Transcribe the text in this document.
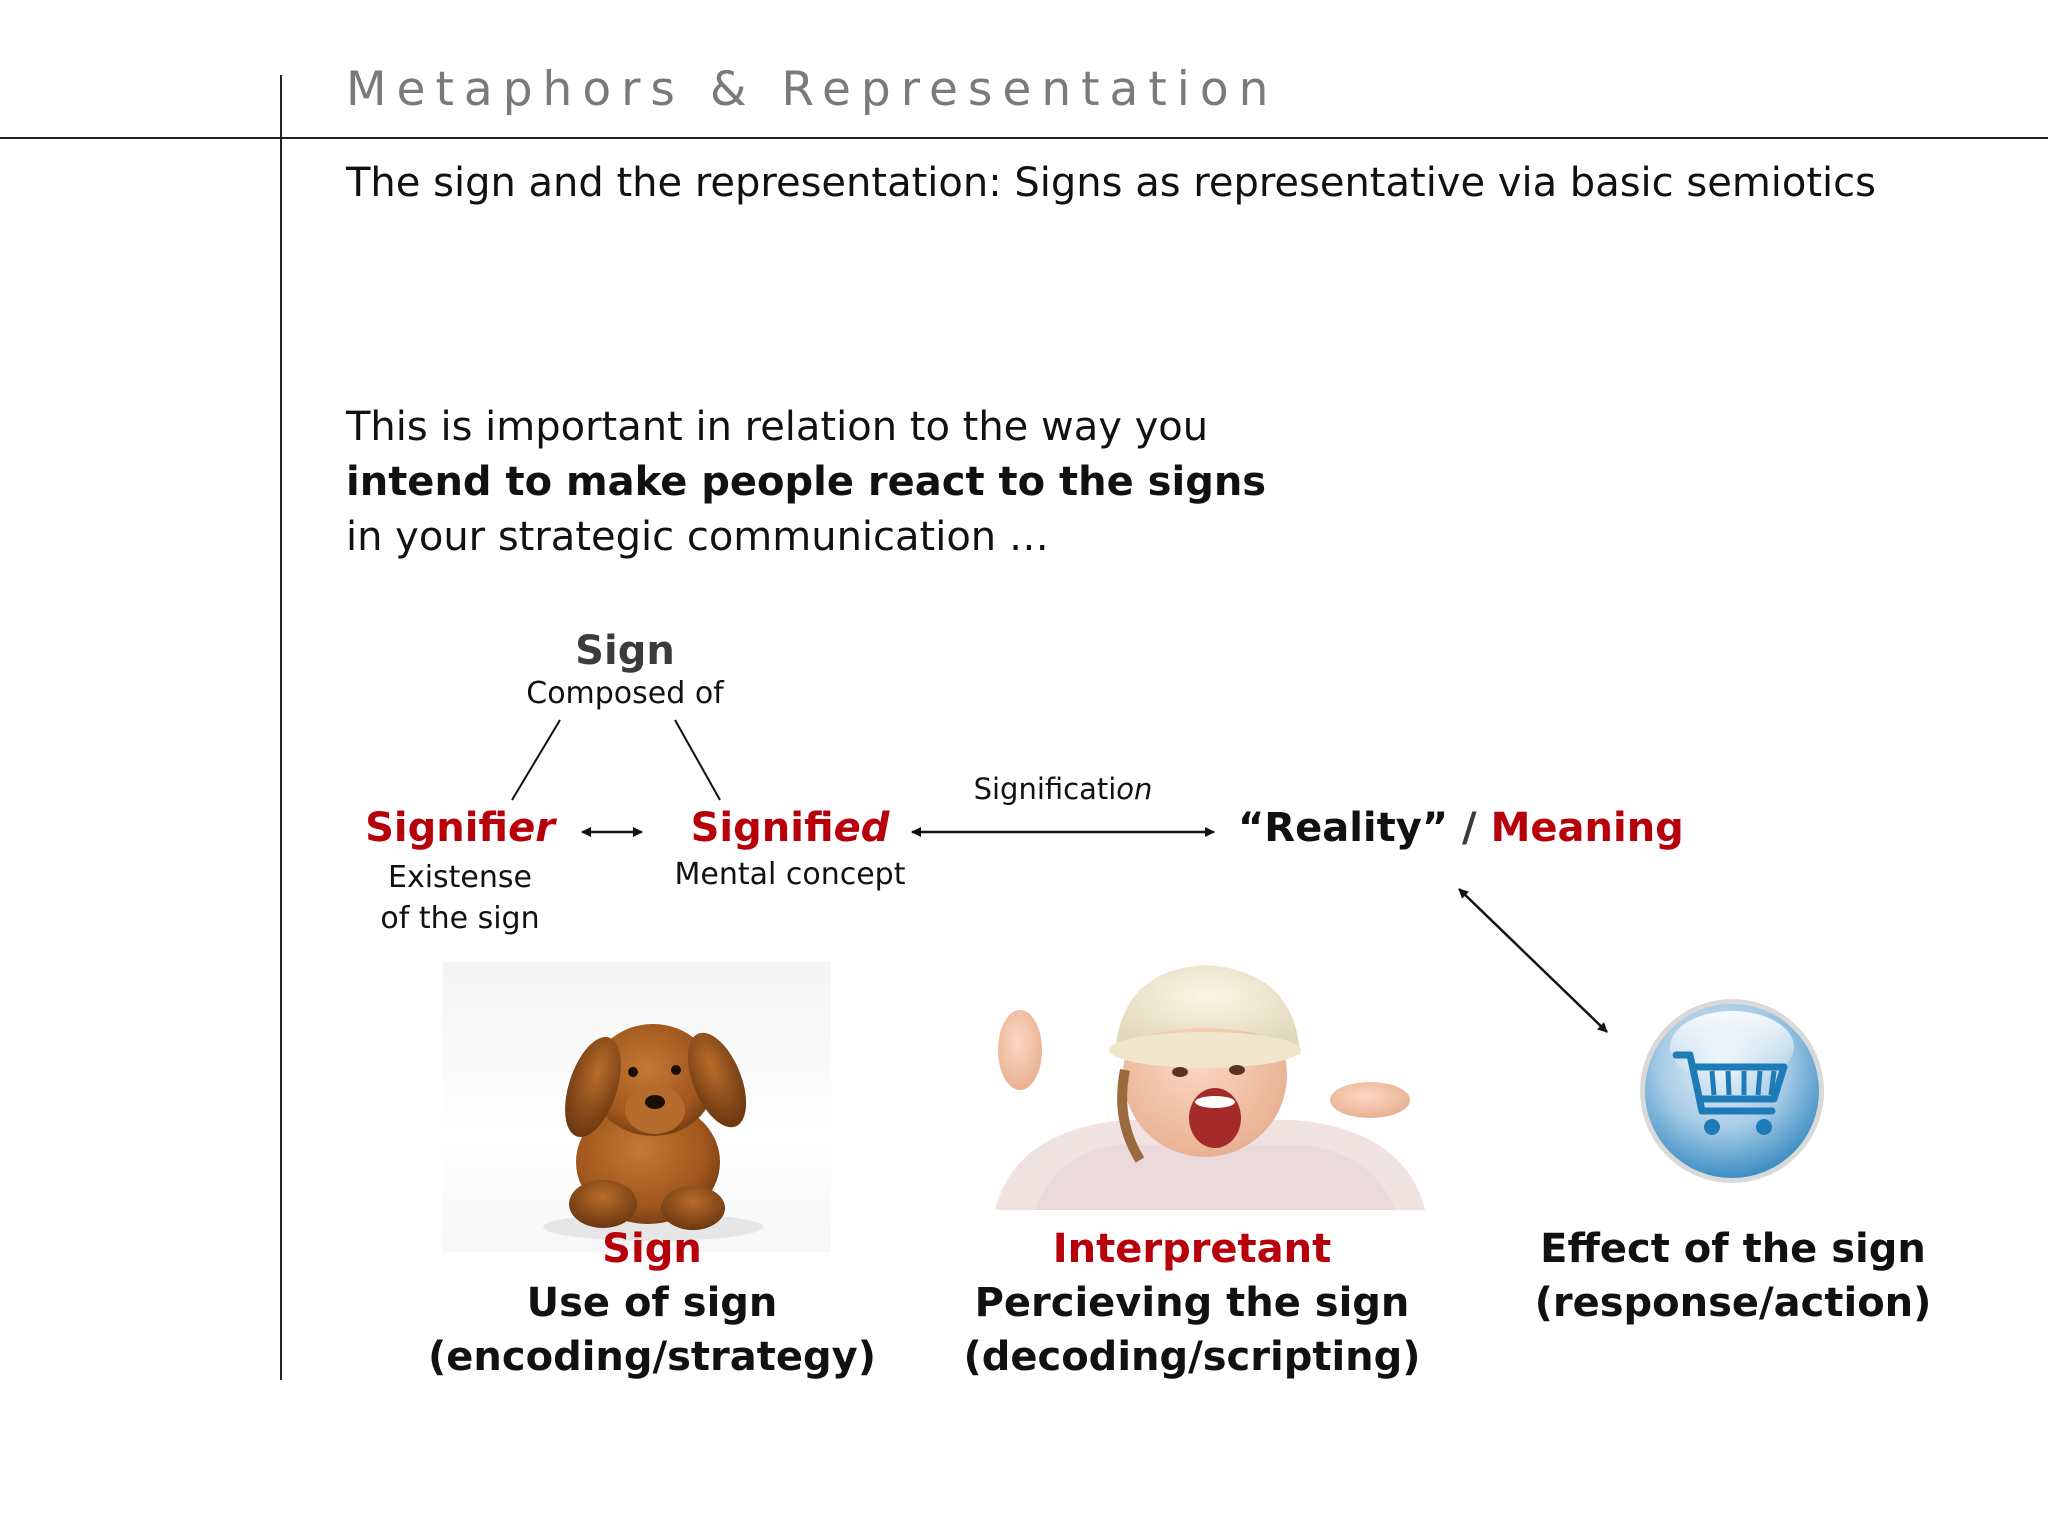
Metaphors & Representation
The sign and the representation: Signs as representative via basic semiotics
This is important in relation to the way you
intend to make people react to the signs
in your strategic communication …
Sign
Composed of
Signifier
Existense
of the sign
Signified
Mental concept
Signification
“Reality” / Meaning
Sign
Use of sign
(encoding/strategy)
Interpretant
Percieving the sign
(decoding/scripting)
Effect of the sign
(response/action)
